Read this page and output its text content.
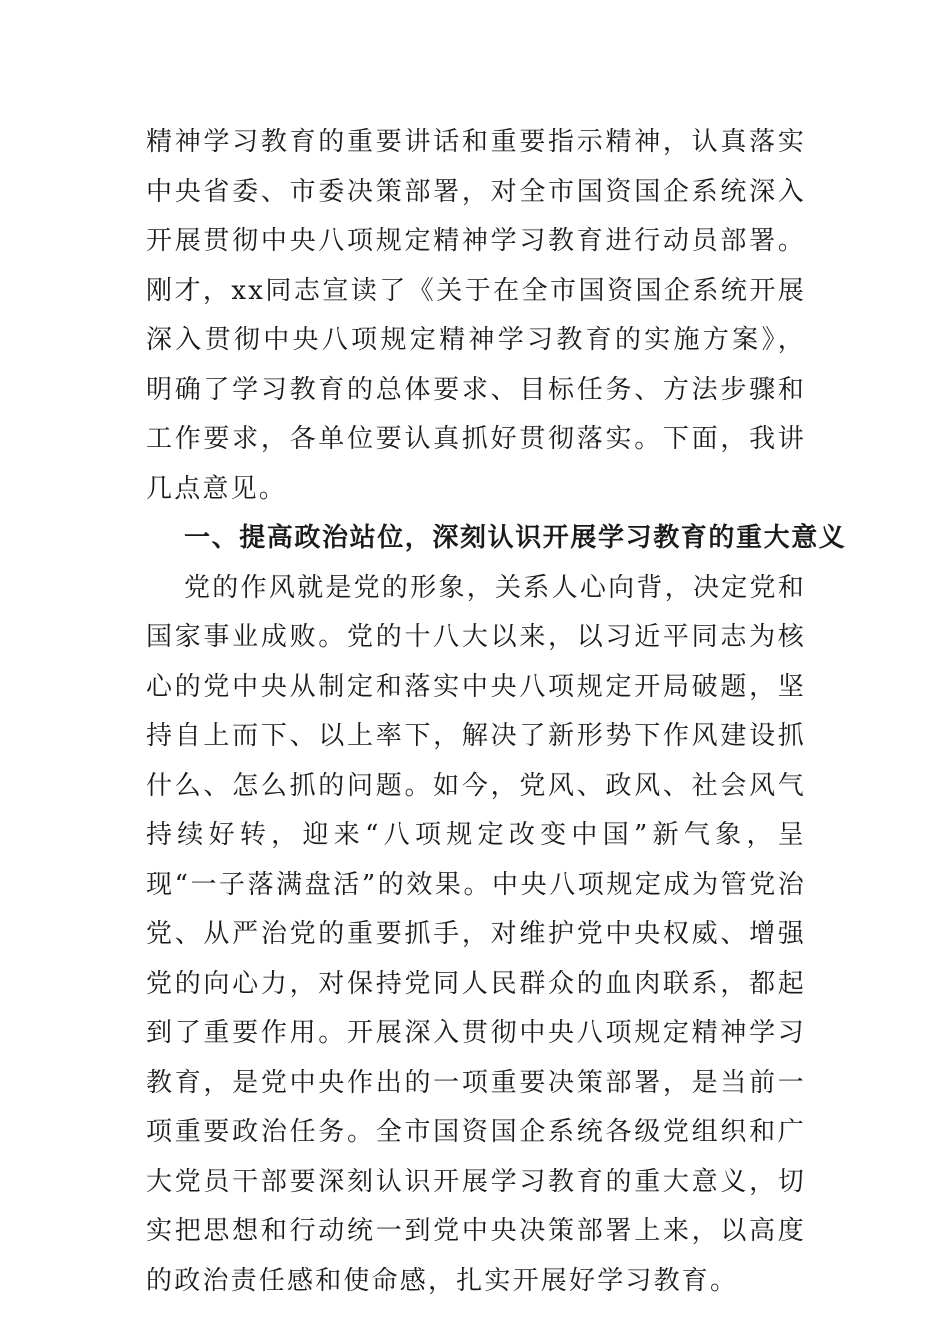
精神学习教育的重要讲话和重要指示精神，认真落实中央省委、市委决策部署，对全市国资国企系统深入开展贯彻中央八项规定精神学习教育进行动员部署。刚才，xx同志宣读了《关于在全市国资国企系统开展深入贯彻中央八项规定精神学习教育的实施方案》，明确了学习教育的总体要求、目标任务、方法步骤和工作要求，各单位要认真抓好贯彻落实。下面，我讲几点意见。

一、提高政治站位，深刻认识开展学习教育的重大意义

党的作风就是党的形象，关系人心向背，决定党和国家事业成败。党的十八大以来，以习近平同志为核心的党中央从制定和落实中央八项规定开局破题，坚持自上而下、以上率下，解决了新形势下作风建设抓什么、怎么抓的问题。如今，党风、政风、社会风气持续好转，迎来“八项规定改变中国”新气象，呈现“一子落满盘活”的效果。中央八项规定成为管党治党、从严治党的重要抓手，对维护党中央权威、增强党的向心力，对保持党同人民群众的血肉联系，都起到了重要作用。开展深入贯彻中央八项规定精神学习教育，是党中央作出的一项重要决策部署，是当前一项重要政治任务。全市国资国企系统各级党组织和广大党员干部要深刻认识开展学习教育的重大意义，切实把思想和行动统一到党中央决策部署上来，以高度的政治责任感和使命感，扎实开展好学习教育。
